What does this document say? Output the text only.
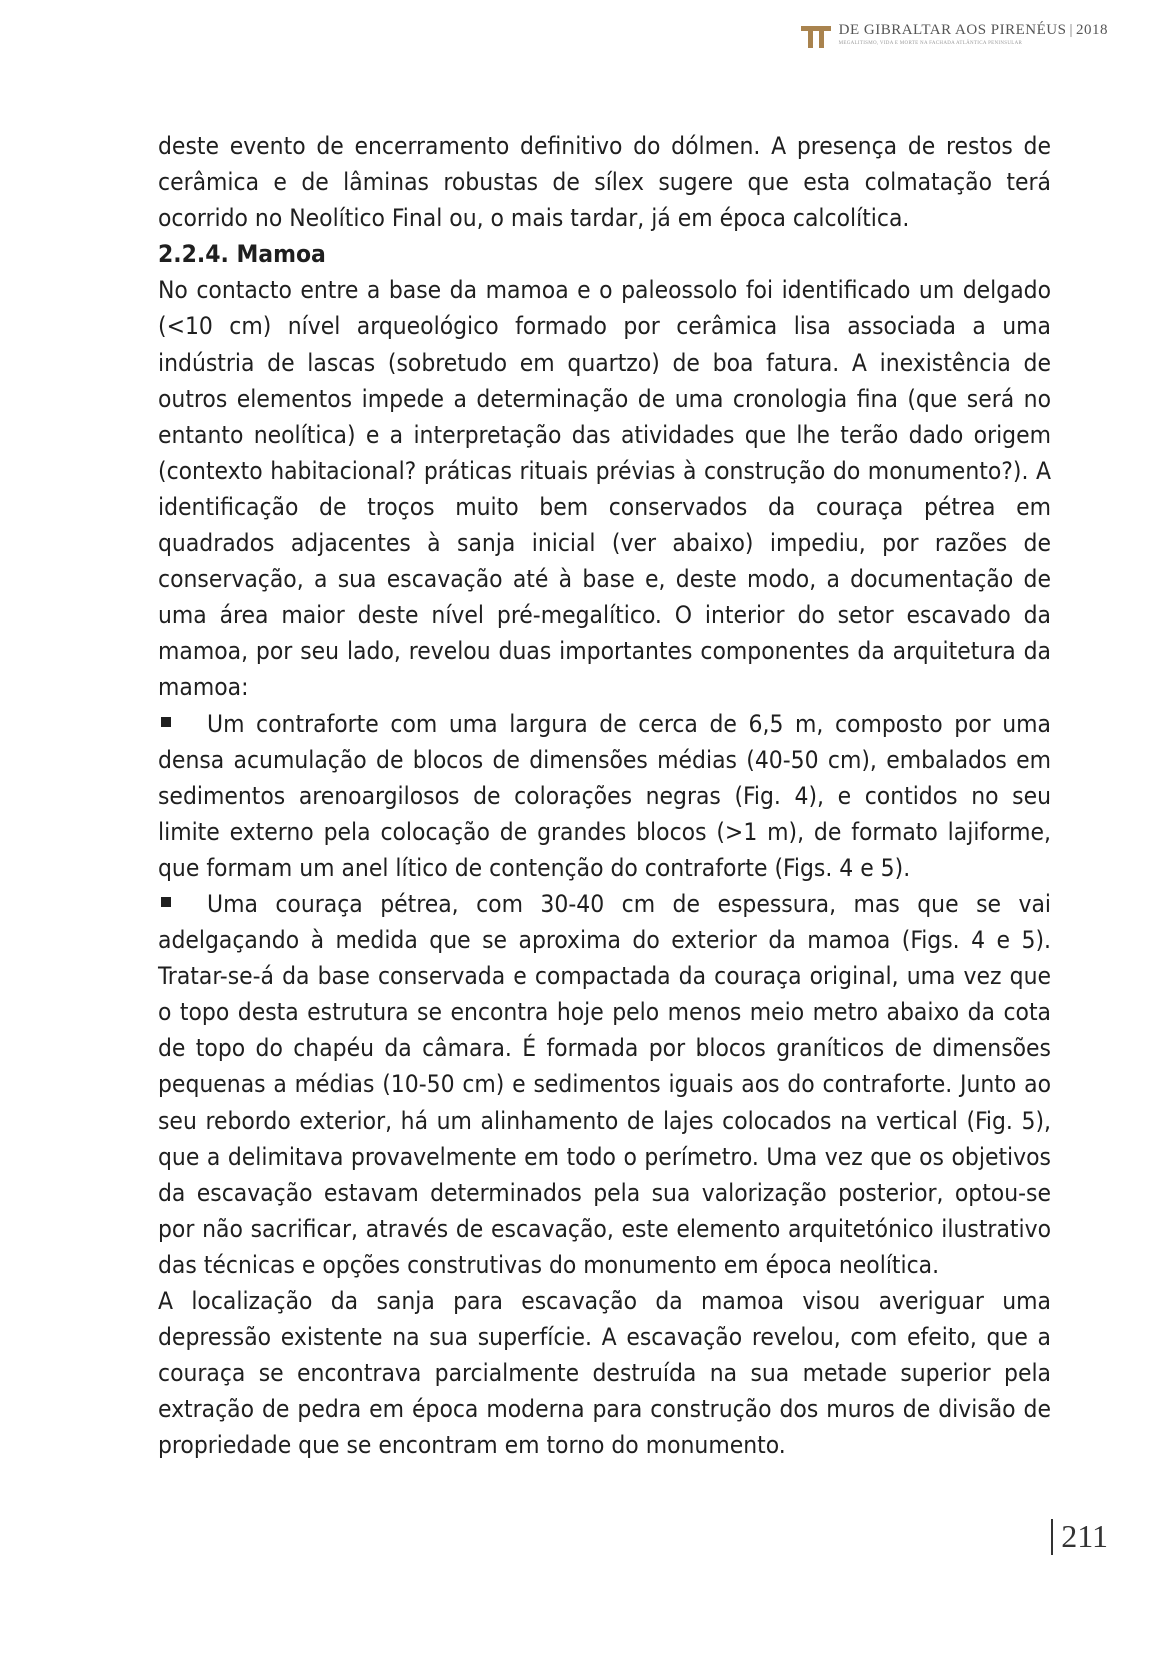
DE GIBRALTAR AOS PIRENÉUS | 2018
MEGALITISMO, VIDA E MORTE NA FACHADA ATLÂNTICA PENINSULAR

deste evento de encerramento definitivo do dólmen. A presença de restos de cerâmica e de lâminas robustas de sílex sugere que esta colmatação terá ocorrido no Neolítico Final ou, o mais tardar, já em época calcolítica.

2.2.4. Mamoa

No contacto entre a base da mamoa e o paleossolo foi identificado um delgado (<10 cm) nível arqueológico formado por cerâmica lisa associada a uma indústria de lascas (sobretudo em quartzo) de boa fatura. A inexistência de outros elementos impede a determinação de uma cronologia fina (que será no entanto neolítica) e a interpretação das atividades que lhe terão dado origem (contexto habitacional? práticas rituais prévias à construção do monumento?). A identificação de troços muito bem conservados da couraça pétrea em quadrados adjacentes à sanja inicial (ver abaixo) impediu, por razões de conservação, a sua escavação até à base e, deste modo, a documentação de uma área maior deste nível pré-megalítico. O interior do setor escavado da mamoa, por seu lado, revelou duas importantes componentes da arquitetura da mamoa:

Um contraforte com uma largura de cerca de 6,5 m, composto por uma densa acumulação de blocos de dimensões médias (40-50 cm), embalados em sedimentos arenoargilosos de colorações negras (Fig. 4), e contidos no seu limite externo pela colocação de grandes blocos (>1 m), de formato lajiforme, que formam um anel lítico de contenção do contraforte (Figs. 4 e 5).

Uma couraça pétrea, com 30-40 cm de espessura, mas que se vai adelgaçando à medida que se aproxima do exterior da mamoa (Figs. 4 e 5). Tratar-se-á da base conservada e compactada da couraça original, uma vez que o topo desta estrutura se encontra hoje pelo menos meio metro abaixo da cota de topo do chapéu da câmara. É formada por blocos graníticos de dimensões pequenas a médias (10-50 cm) e sedimentos iguais aos do contraforte. Junto ao seu rebordo exterior, há um alinhamento de lajes colocados na vertical (Fig. 5), que a delimitava provavelmente em todo o perímetro. Uma vez que os objetivos da escavação estavam determinados pela sua valorização posterior, optou-se por não sacrificar, através de escavação, este elemento arquitetónico ilustrativo das técnicas e opções construtivas do monumento em época neolítica.

A localização da sanja para escavação da mamoa visou averiguar uma depressão existente na sua superfície. A escavação revelou, com efeito, que a couraça se encontrava parcialmente destruída na sua metade superior pela extração de pedra em época moderna para construção dos muros de divisão de propriedade que se encontram em torno do monumento.

211
